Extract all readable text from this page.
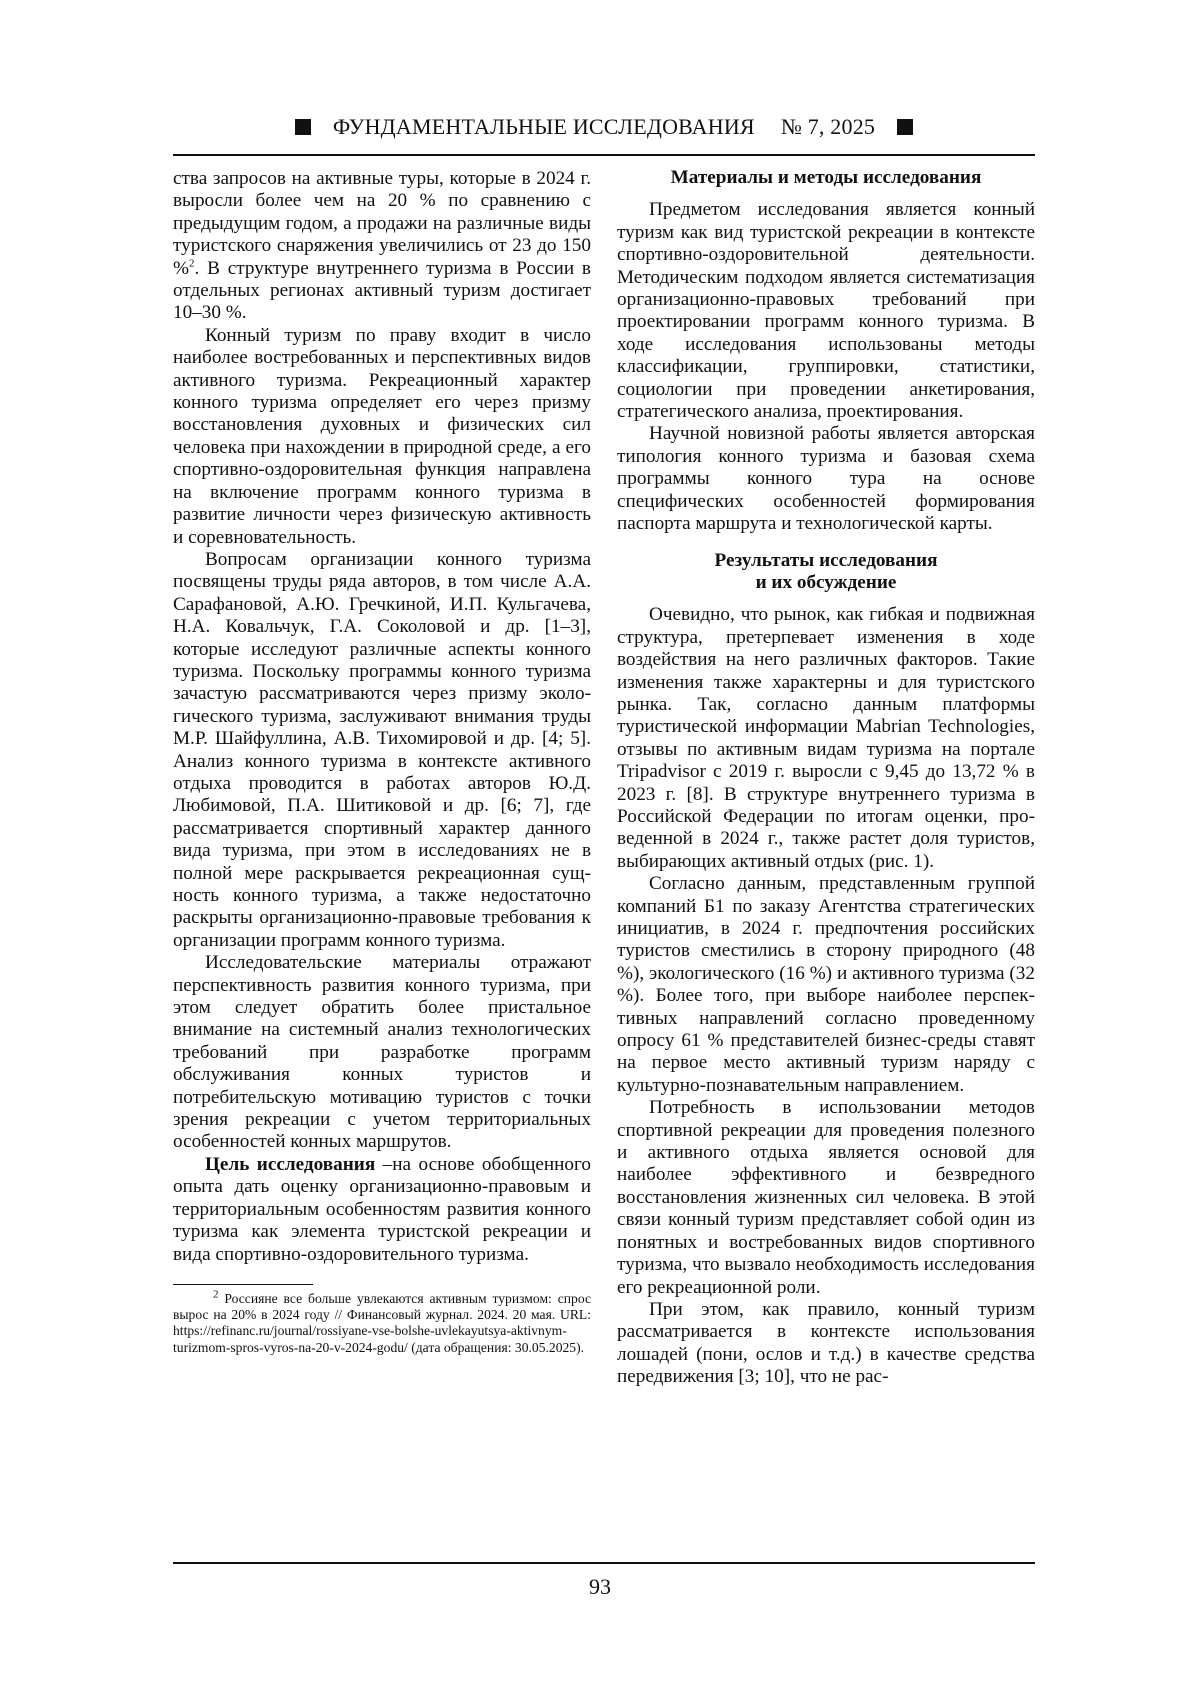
ФУНДАМЕНТАЛЬНЫЕ ИССЛЕДОВАНИЯ № 7, 2025

ства запросов на активные туры, которые в 2024 г. выросли более чем на 20 % по сравнению с предыдущим годом, а продажи на различные виды туристского снаряжения увеличились от 23 до 150 %$^2$. В структуре внутреннего туризма в России в отдельных регионах активный туризм достигает 10–30 %.

Конный туризм по праву входит в число наиболее востребованных и перспективных видов активного туризма. Рекреационный характер конного туризма определяет его через призму восстановления духовных и физических сил человека при нахождении в природной среде, а его спортивно-оздоровительная функция направлена на включение программ конного туризма в развитие личности через физическую активность и соревновательность.

Вопросам организации конного туризма посвящены труды ряда авторов, в том числе А.А. Сарафановой, А.Ю. Гречкиной, И.П. Кульгачева, Н.А. Ковальчук, Г.А. Соколовой и др. [1–3], которые исследуют различные аспекты конного туризма. Поскольку программы конного туризма зачастую рассматриваются через призму экологического туризма, заслуживают внимания труды М.Р. Шайфуллина, А.В. Тихомировой и др. [4; 5]. Анализ конного туризма в контексте активного отдыха проводится в работах авторов Ю.Д. Любимовой, П.А. Шитиковой и др. [6; 7], где рассматривается спортивный характер данного вида туризма, при этом в исследованиях не в полной мере раскрывается рекреационная сущность конного туризма, а также недостаточно раскрыты организационно-правовые требования к организации программ конного туризма.

Исследовательские материалы отражают перспективность развития конного туризма, при этом следует обратить более пристальное внимание на системный анализ технологических требований при разработке программ обслуживания конных туристов и потребительскую мотивацию туристов с точки зрения рекреации с учетом территориальных особенностей конных маршрутов.

Цель исследования –на основе обобщенного опыта дать оценку организационно-правовым и территориальным особенностям развития конного туризма как элемента туристской рекреации и вида спортивно-оздоровительного туризма.

$^2$ Россияне все больше увлекаются активным туризмом: спрос вырос на 20% в 2024 году // Финансовый журнал. 2024. 20 мая. URL: https://refinanc.ru/journal/rossiyane-vse-bolshe-uvlekayutsya-aktivnym-turizmom-spros-vyros-na-20-v-2024-godu/ (дата обращения: 30.05.2025).
Материалы и методы исследования

Предметом исследования является конный туризм как вид туристской рекреации в контексте спортивно-оздоровительной деятельности. Методическим подходом является систематизация организационно-правовых требований при проектировании программ конного туризма. В ходе исследования использованы методы классификации, группировки, статистики, социологии при проведении анкетирования, стратегического анализа, проектирования.

Научной новизной работы является авторская типология конного туризма и базовая схема программы конного тура на основе специфических особенностей формирования паспорта маршрута и технологической карты.

Результаты исследования
и их обсуждение

Очевидно, что рынок, как гибкая и подвижная структура, претерпевает изменения в ходе воздействия на него различных факторов. Такие изменения также характерны и для туристского рынка. Так, согласно данным платформы туристической информации Mabrian Technologies, отзывы по активным видам туризма на портале Tripadvisor с 2019 г. выросли с 9,45 до 13,72 % в 2023 г. [8]. В структуре внутреннего туризма в Российской Федерации по итогам оценки, проведенной в 2024 г., также растет доля туристов, выбирающих активный отдых (рис. 1).

Согласно данным, представленным группой компаний Б1 по заказу Агентства стратегических инициатив, в 2024 г. предпочтения российских туристов сместились в сторону природного (48 %), экологического (16 %) и активного туризма (32 %). Более того, при выборе наиболее перспективных направлений согласно проведенному опросу 61 % представителей бизнес-среды ставят на первое место активный туризм наряду с культурно-познавательным направлением.

Потребность в использовании методов спортивной рекреации для проведения полезного и активного отдыха является основой для наиболее эффективного и безвредного восстановления жизненных сил человека. В этой связи конный туризм представляет собой один из понятных и востребованных видов спортивного туризма, что вызвало необходимость исследования его рекреационной роли.

При этом, как правило, конный туризм рассматривается в контексте использования лошадей (пони, ослов и т.д.) в качестве средства передвижения [3; 10], что не рас-

93
